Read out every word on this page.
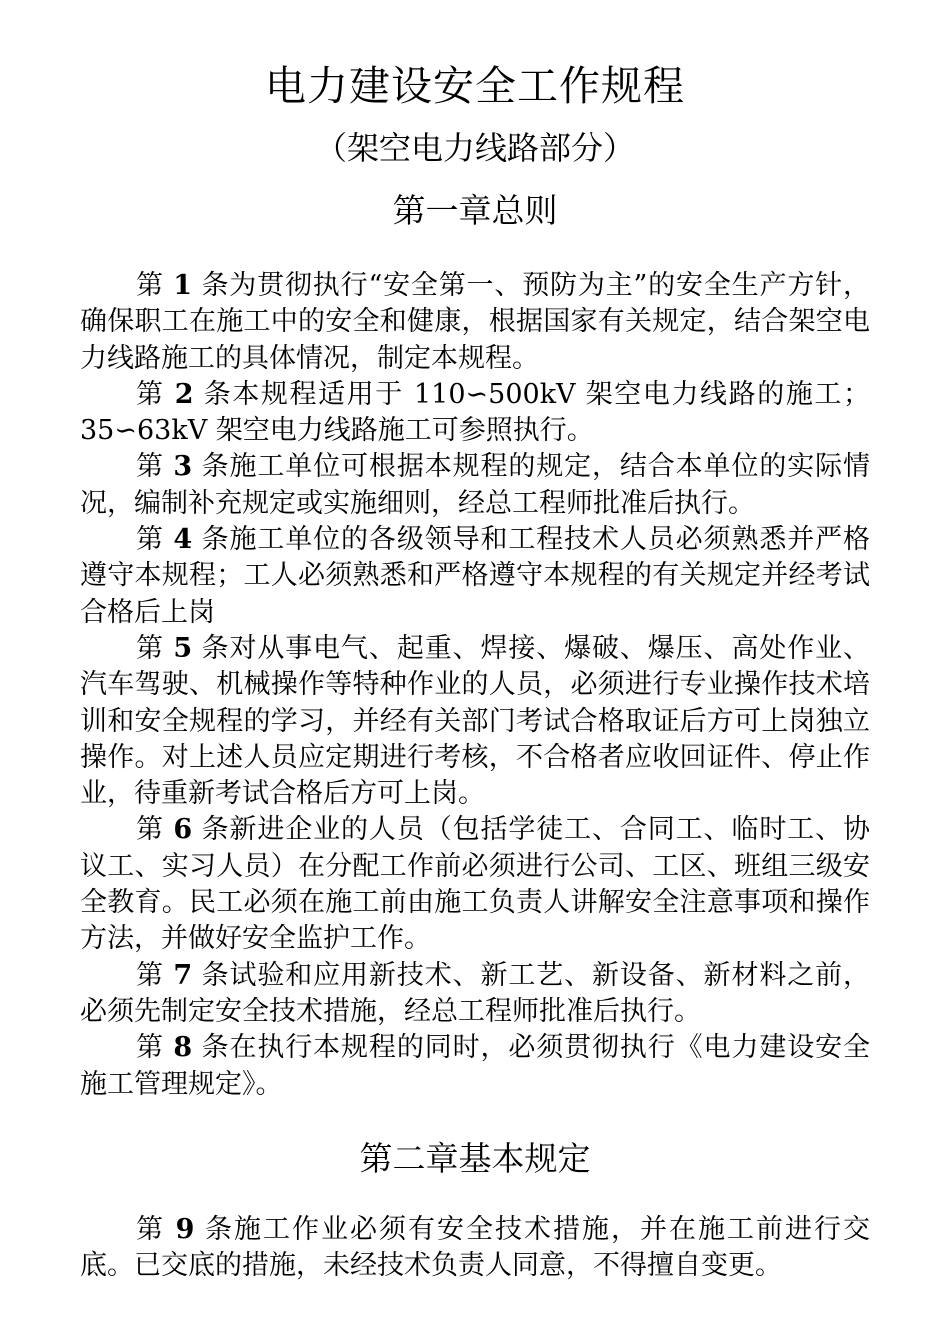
电力建设安全工作规程
（架空电力线路部分）
第一章总则

第 1 条为贯彻执行“安全第一、预防为主”的安全生产方针，确保职工在施工中的安全和健康，根据国家有关规定，结合架空电力线路施工的具体情况，制定本规程。

第 2 条本规程适用于 110∽500kV 架空电力线路的施工；35∽63kV 架空电力线路施工可参照执行。

第 3 条施工单位可根据本规程的规定，结合本单位的实际情况，编制补充规定或实施细则，经总工程师批准后执行。

第 4 条施工单位的各级领导和工程技术人员必须熟悉并严格遵守本规程；工人必须熟悉和严格遵守本规程的有关规定并经考试合格后上岗

第 5 条对从事电气、起重、焊接、爆破、爆压、高处作业、汽车驾驶、机械操作等特种作业的人员，必须进行专业操作技术培训和安全规程的学习，并经有关部门考试合格取证后方可上岗独立操作。对上述人员应定期进行考核，不合格者应收回证件、停止作业，待重新考试合格后方可上岗。

第 6 条新进企业的人员（包括学徒工、合同工、临时工、协议工、实习人员）在分配工作前必须进行公司、工区、班组三级安全教育。民工必须在施工前由施工负责人讲解安全注意事项和操作方法，并做好安全监护工作。

第 7 条试验和应用新技术、新工艺、新设备、新材料之前，必须先制定安全技术措施，经总工程师批准后执行。

第 8 条在执行本规程的同时，必须贯彻执行《电力建设安全施工管理规定》。

第二章基本规定

第 9 条施工作业必须有安全技术措施，并在施工前进行交底。已交底的措施，未经技术负责人同意，不得擅自变更。
